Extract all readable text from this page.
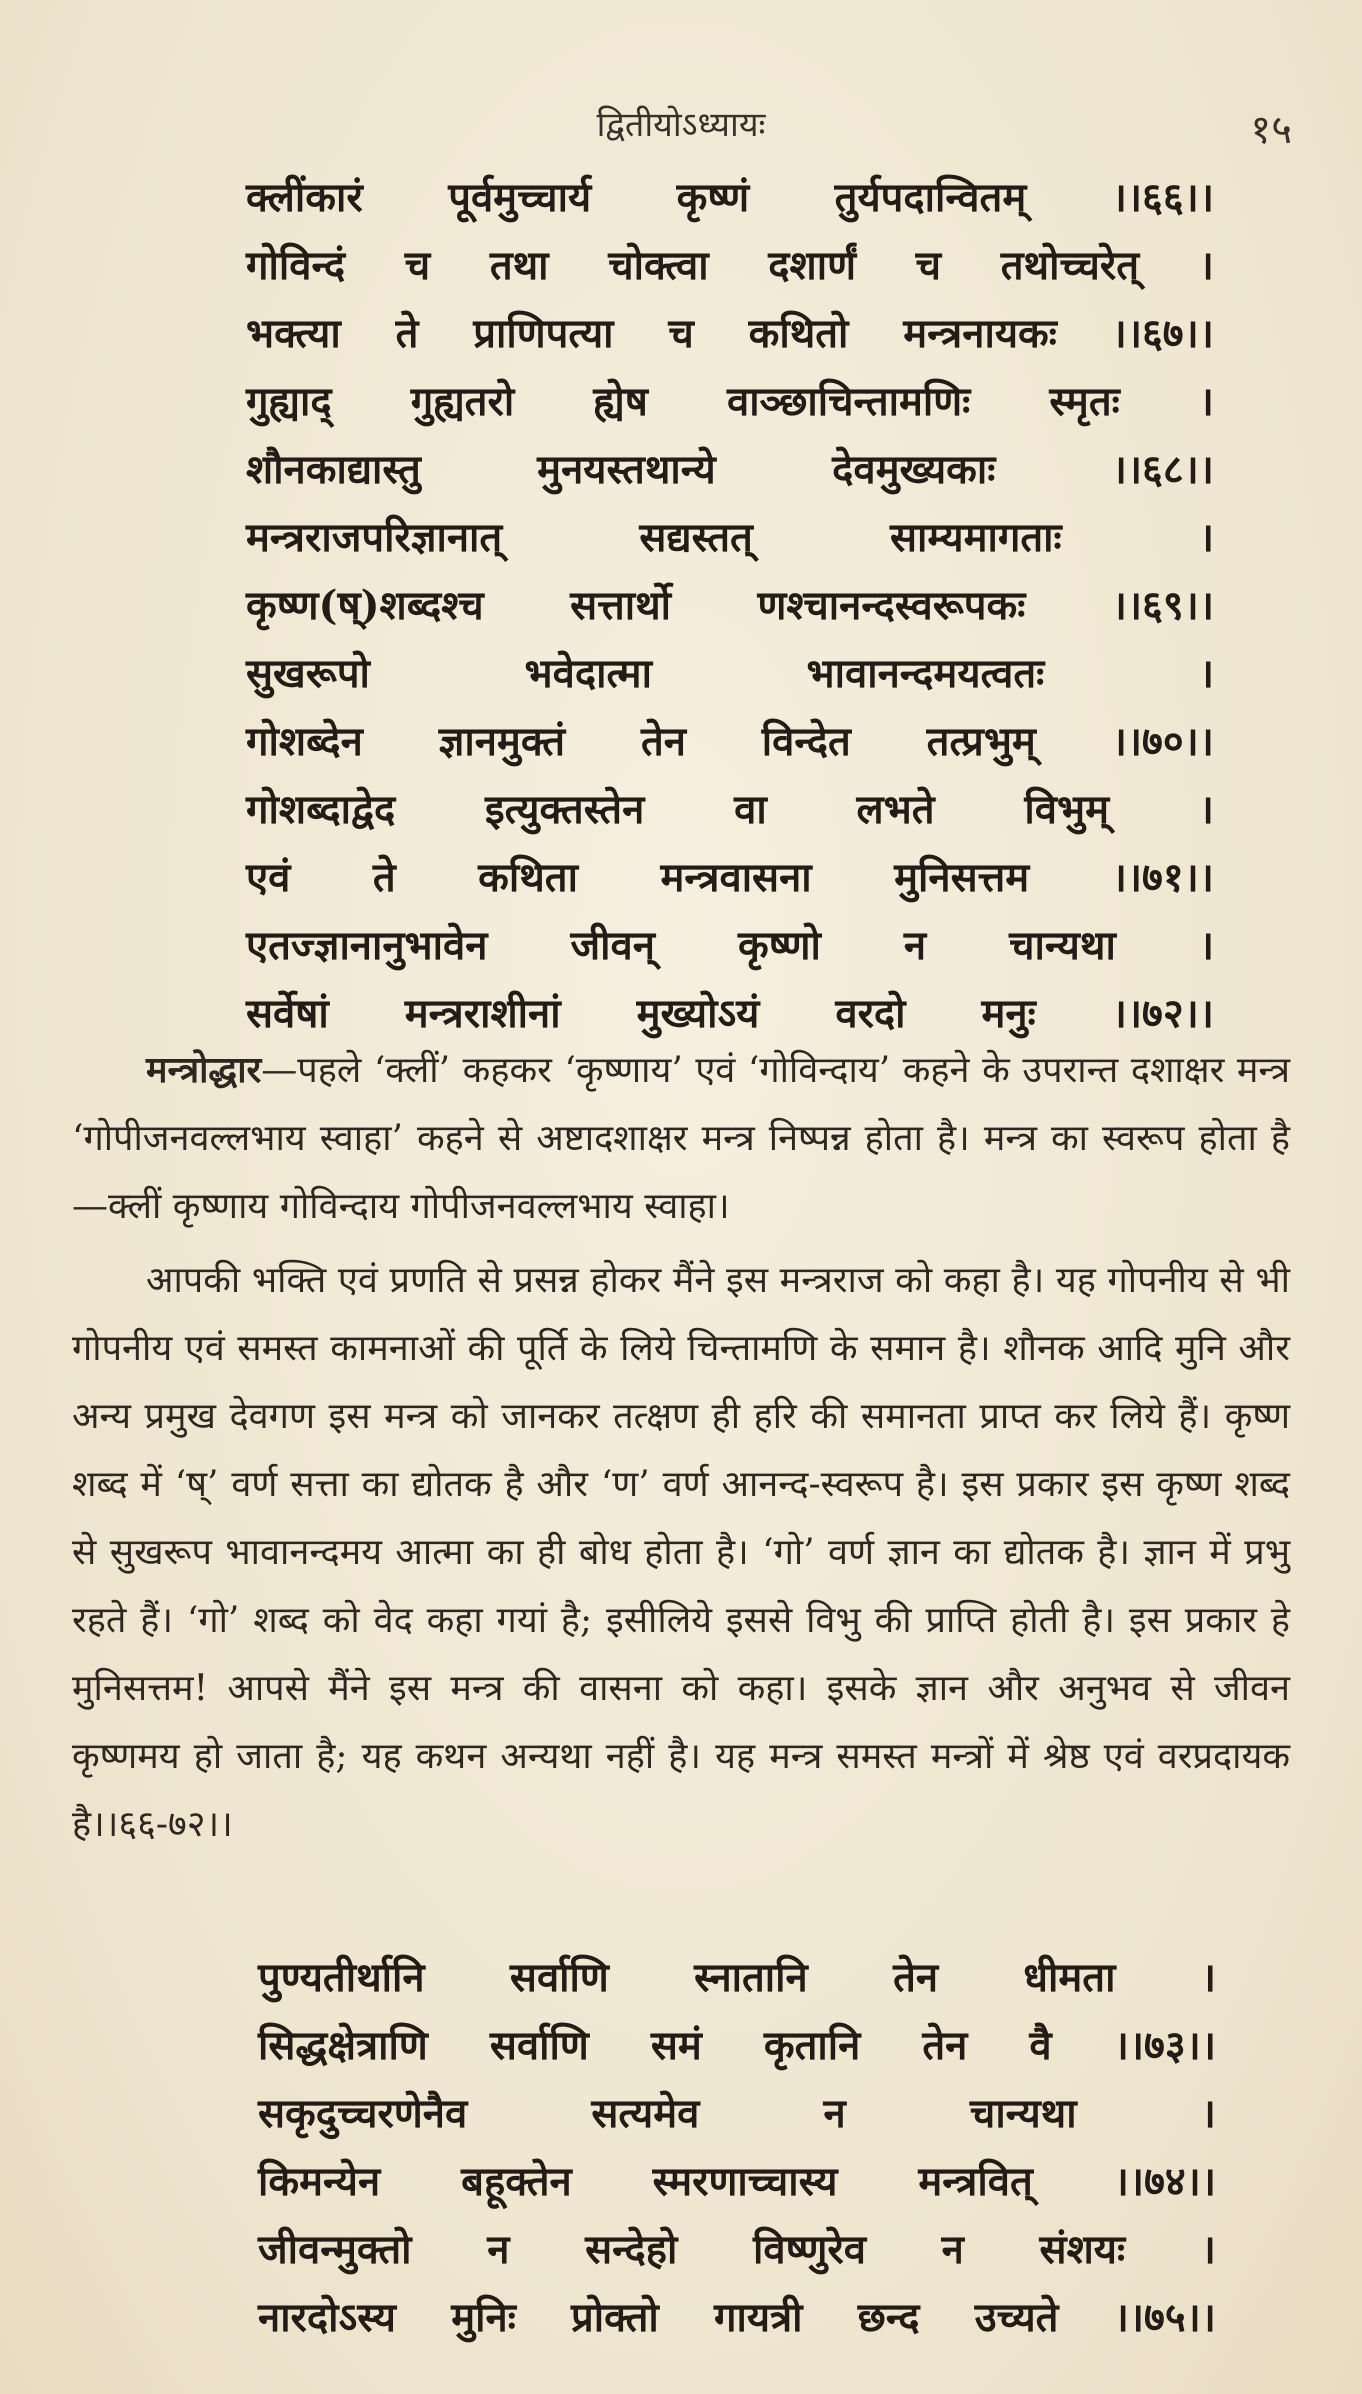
द्वितीयोऽध्यायः	१५
क्लींकारं पूर्वमुच्चार्य कृष्णं तुर्यपदान्वितम् ।।६६।।
गोविन्दं च तथा चोक्त्वा दशार्णं च तथोच्चरेत् ।
भक्त्या ते प्राणिपत्या च कथितो मन्त्रनायकः ।।६७।।
गुह्याद् गुह्यतरो ह्येष वाञ्छाचिन्तामणिः स्मृतः ।
शौनकाद्यास्तु	मुनयस्तथान्ये	देवमुख्यकाः	।।६८।।
मन्त्रराजपरिज्ञानात्	सद्यस्तत्	साम्यमागताः	।
कृष्ण(ष्)शब्दश्च सत्तार्थो णश्चानन्दस्वरूपकः ।।६९।।
सुखरूपो	भवेदात्मा	भावानन्दमयत्वतः	।
गोशब्देन ज्ञानमुक्तं तेन विन्देत तत्प्रभुम् ।।७०।।
गोशब्दाद्वेद इत्युक्तस्तेन वा लभते विभुम् ।
एवं ते कथिता मन्त्रवासना मुनिसत्तम ।।७१।।
एतज्ज्ञानानुभावेन जीवन् कृष्णो न चान्यथा ।
सर्वेषां मन्त्रराशीनां मुख्योऽयं वरदो मनुः ।।७२।।

मन्त्रोद्धार—पहले ‘क्लीं’ कहकर ‘कृष्णाय’ एवं ‘गोविन्दाय’ कहने के उपरान्त दशाक्षर मन्त्र ‘गोपीजनवल्लभाय स्वाहा’ कहने से अष्टादशाक्षर मन्त्र निष्पन्न होता है। मन्त्र का स्वरूप होता है—क्लीं कृष्णाय गोविन्दाय गोपीजनवल्लभाय स्वाहा।

आपकी भक्ति एवं प्रणति से प्रसन्न होकर मैंने इस मन्त्रराज को कहा है। यह गोपनीय से भी गोपनीय एवं समस्त कामनाओं की पूर्ति के लिये चिन्तामणि के समान है। शौनक आदि मुनि और अन्य प्रमुख देवगण इस मन्त्र को जानकर तत्क्षण ही हरि की समानता प्राप्त कर लिये हैं। कृष्ण शब्द में ‘ष्’ वर्ण सत्ता का द्योतक है और ‘ण’ वर्ण आनन्द-स्वरूप है। इस प्रकार इस कृष्ण शब्द से सुखरूप भावानन्दमय आत्मा का ही बोध होता है। ‘गो’ वर्ण ज्ञान का द्योतक है। ज्ञान में प्रभु रहते हैं। ‘गो’ शब्द को वेद कहा गयां है; इसीलिये इससे विभु की प्राप्ति होती है। इस प्रकार हे मुनिसत्तम! आपसे मैंने इस मन्त्र की वासना को कहा। इसके ज्ञान और अनुभव से जीवन कृष्णमय हो जाता है; यह कथन अन्यथा नहीं है। यह मन्त्र समस्त मन्त्रों में श्रेष्ठ एवं वरप्रदायक है।।६६-७२।।

पुण्यतीर्थानि सर्वाणि स्नातानि तेन धीमता ।
सिद्धक्षेत्राणि सर्वाणि समं कृतानि तेन वै ।।७३।।
सकृदुच्चरणेनैव	सत्यमेव	न	चान्यथा	।
किमन्येन बहूक्तेन स्मरणाच्चास्य मन्त्रवित् ।।७४।।
जीवन्मुक्तो न सन्देहो विष्णुरेव न संशयः ।
नारदोऽस्य मुनिः प्रोक्तो गायत्री छन्द उच्यते ।।७५।।
